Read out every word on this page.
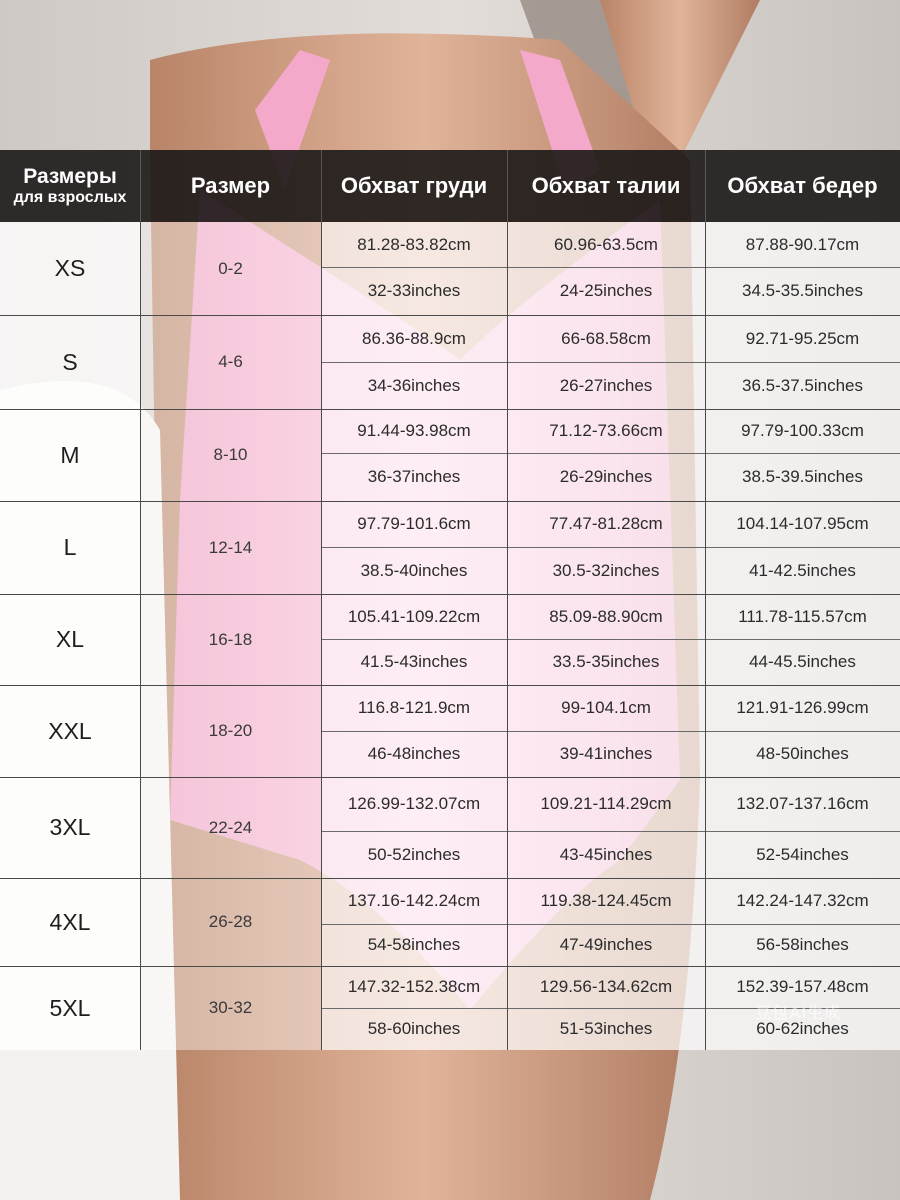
Размеры
для взрослых	Размер	Обхват груди	Обхват талии	Обхват бедер
XS	0-2
81.28-83.82cm	60.96-63.5cm	87.88-90.17cm
32-33inches	24-25inches	34.5-35.5inches
S	4-6
86.36-88.9cm	66-68.58cm	92.71-95.25cm
34-36inches	26-27inches	36.5-37.5inches
M	8-10
91.44-93.98cm	71.12-73.66cm	97.79-100.33cm
36-37inches	26-29inches	38.5-39.5inches
L	12-14
97.79-101.6cm	77.47-81.28cm	104.14-107.95cm
38.5-40inches	30.5-32inches	41-42.5inches
XL	16-18
105.41-109.22cm	85.09-88.90cm	111.78-115.57cm
41.5-43inches	33.5-35inches	44-45.5inches
XXL	18-20
116.8-121.9cm	99-104.1cm	121.91-126.99cm
46-48inches	39-41inches	48-50inches
3XL	22-24
126.99-132.07cm	109.21-114.29cm	132.07-137.16cm
50-52inches	43-45inches	52-54inches
4XL	26-28
137.16-142.24cm	119.38-124.45cm	142.24-147.32cm
54-58inches	47-49inches	56-58inches
5XL	30-32
147.32-152.38cm	129.56-134.62cm	152.39-157.48cm
58-60inches	51-53inches	60-62inches
豆包AI生成
